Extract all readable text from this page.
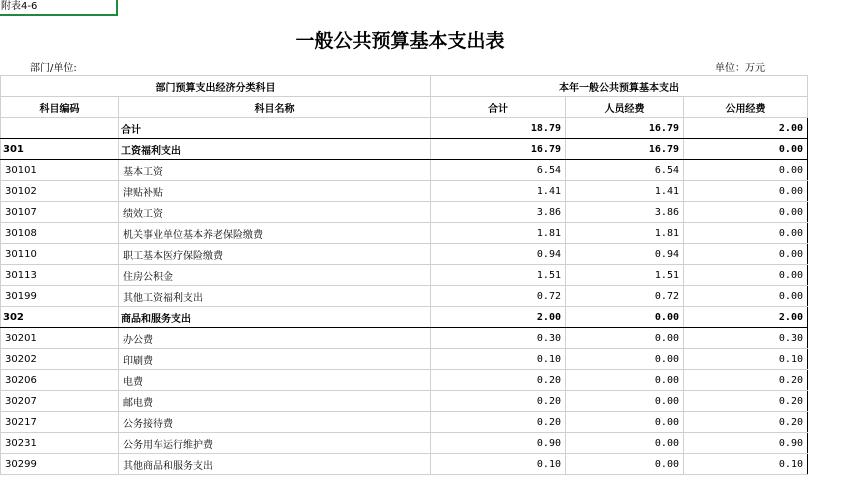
附表4-6
一般公共预算基本支出表
部门/单位:	单位：万元
部门预算支出经济分类科目		本年一般公共预算基本支出		
科目编码	科目名称	合计	人员经费	公用经费
	合计	18.79	16.79	2.00
301	工资福利支出	16.79	16.79	0.00
30101	基本工资	6.54	6.54	0.00
30102	津贴补贴	1.41	1.41	0.00
30107	绩效工资	3.86	3.86	0.00
30108	机关事业单位基本养老保险缴费	1.81	1.81	0.00
30110	职工基本医疗保险缴费	0.94	0.94	0.00
30113	住房公积金	1.51	1.51	0.00
30199	其他工资福利支出	0.72	0.72	0.00
302	商品和服务支出	2.00	0.00	2.00
30201	办公费	0.30	0.00	0.30
30202	印刷费	0.10	0.00	0.10
30206	电费	0.20	0.00	0.20
30207	邮电费	0.20	0.00	0.20
30217	公务接待费	0.20	0.00	0.20
30231	公务用车运行维护费	0.90	0.00	0.90
30299	其他商品和服务支出	0.10	0.00	0.10
